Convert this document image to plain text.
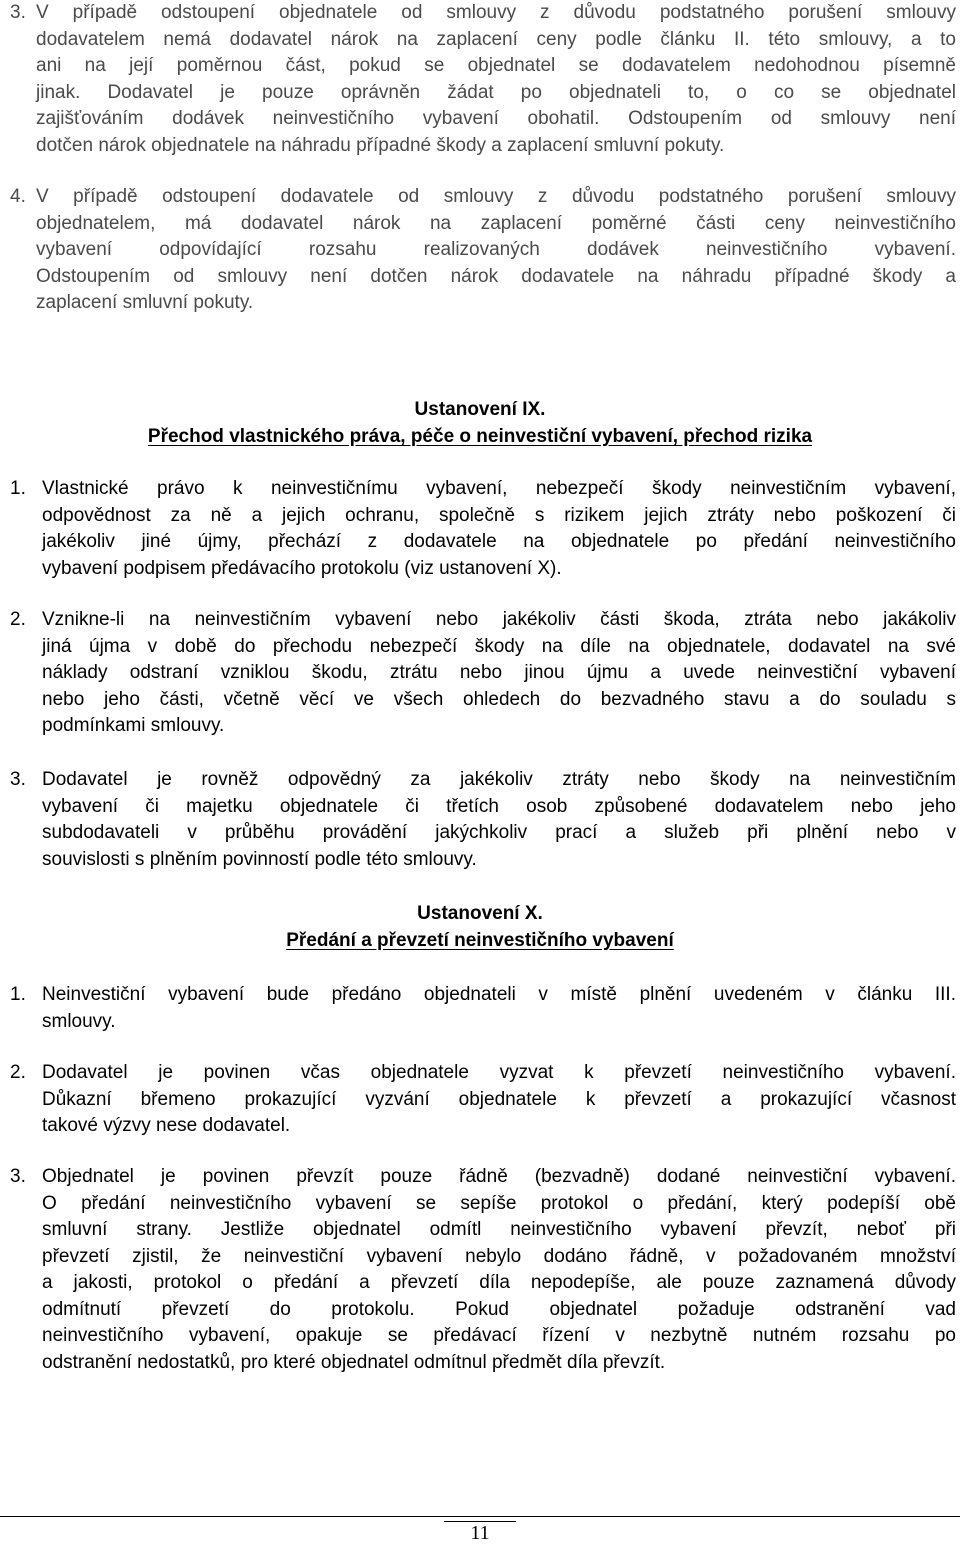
3. V případě odstoupení objednatele od smlouvy z důvodu podstatného porušení smlouvy
dodavatelem nemá dodavatel nárok na zaplacení ceny podle článku II. této smlouvy, a to
ani na její poměrnou část, pokud se objednatel se dodavatelem nedohodnou písemně
jinak. Dodavatel je pouze oprávněn žádat po objednateli to, o co se objednatel
zajišťováním dodávek neinvestičního vybavení obohatil. Odstoupením od smlouvy není
dotčen nárok objednatele na náhradu případné škody a zaplacení smluvní pokuty.
4. V případě odstoupení dodavatele od smlouvy z důvodu podstatného porušení smlouvy
objednatelem, má dodavatel nárok na zaplacení poměrné části ceny neinvestičního
vybavení odpovídající rozsahu realizovaných dodávek neinvestičního vybavení.
Odstoupením od smlouvy není dotčen nárok dodavatele na náhradu případné škody a
zaplacení smluvní pokuty.
Ustanovení IX.
Přechod vlastnického práva, péče o neinvestiční vybavení, přechod rizika
1. Vlastnické právo k neinvestičnímu vybavení, nebezpečí škody neinvestičním vybavení,
odpovědnost za ně a jejich ochranu, společně s rizikem jejich ztráty nebo poškození či
jakékoliv jiné újmy, přechází z dodavatele na objednatele po předání neinvestičního
vybavení podpisem předávacího protokolu (viz ustanovení X).
2. Vznikne-li na neinvestičním vybavení nebo jakékoliv části škoda, ztráta nebo jakákoliv
jiná újma v době do přechodu nebezpečí škody na díle na objednatele, dodavatel na své
náklady odstraní vzniklou škodu, ztrátu nebo jinou újmu a uvede neinvestiční vybavení
nebo jeho části, včetně věcí ve všech ohledech do bezvadného stavu a do souladu s
podmínkami smlouvy.
3. Dodavatel je rovněž odpovědný za jakékoliv ztráty nebo škody na neinvestičním
vybavení či majetku objednatele či třetích osob způsobené dodavatelem nebo jeho
subdodavateli v průběhu provádění jakýchkoliv prací a služeb při plnění nebo v
souvislosti s plněním povinností podle této smlouvy.
Ustanovení X.
Předání a převzetí neinvestičního vybavení
1. Neinvestiční vybavení bude předáno objednateli v místě plnění uvedeném v článku III.
smlouvy.
2. Dodavatel je povinen včas objednatele vyzvat k převzetí neinvestičního vybavení.
Důkazní břemeno prokazující vyzvání objednatele k převzetí a prokazující včasnost
takové výzvy nese dodavatel.
3. Objednatel je povinen převzít pouze řádně (bezvadně) dodané neinvestiční vybavení.
O předání neinvestičního vybavení se sepíše protokol o předání, který podepíší obě
smluvní strany. Jestliže objednatel odmítl neinvestičního vybavení převzít, neboť při
převzetí zjistil, že neinvestiční vybavení nebylo dodáno řádně, v požadovaném množství
a jakosti, protokol o předání a převzetí díla nepodepíše, ale pouze zaznamená důvody
odmítnutí převzetí do protokolu. Pokud objednatel požaduje odstranění vad
neinvestičního vybavení, opakuje se předávací řízení v nezbytně nutném rozsahu po
odstranění nedostatků, pro které objednatel odmítnul předmět díla převzít.
11
